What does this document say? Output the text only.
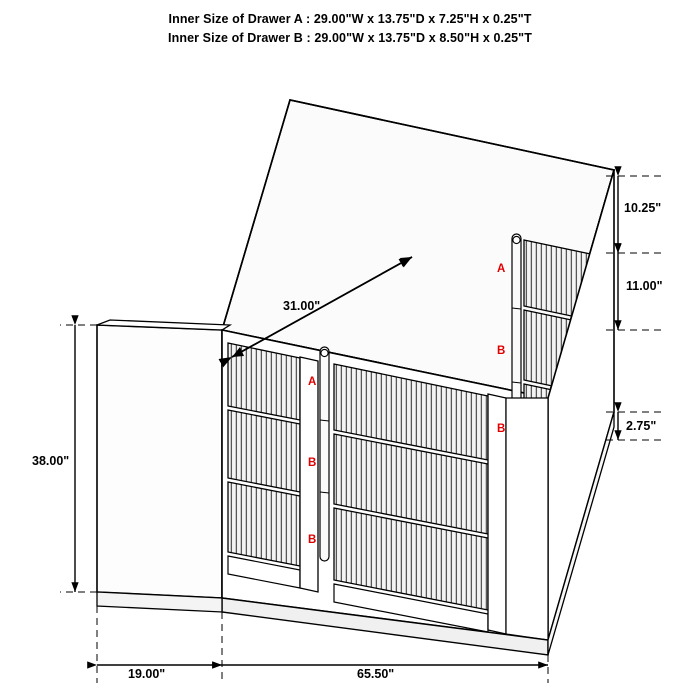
Inner Size of Drawer A : 29.00"W x 13.75"D x 7.25"H x 0.25"T
Inner Size of Drawer B : 29.00"W x 13.75"D x 8.50"H x 0.25"T
A
B
B
A
B
B
31.00"
10.25"
11.00"
2.75"
38.00"
19.00"	65.50"
